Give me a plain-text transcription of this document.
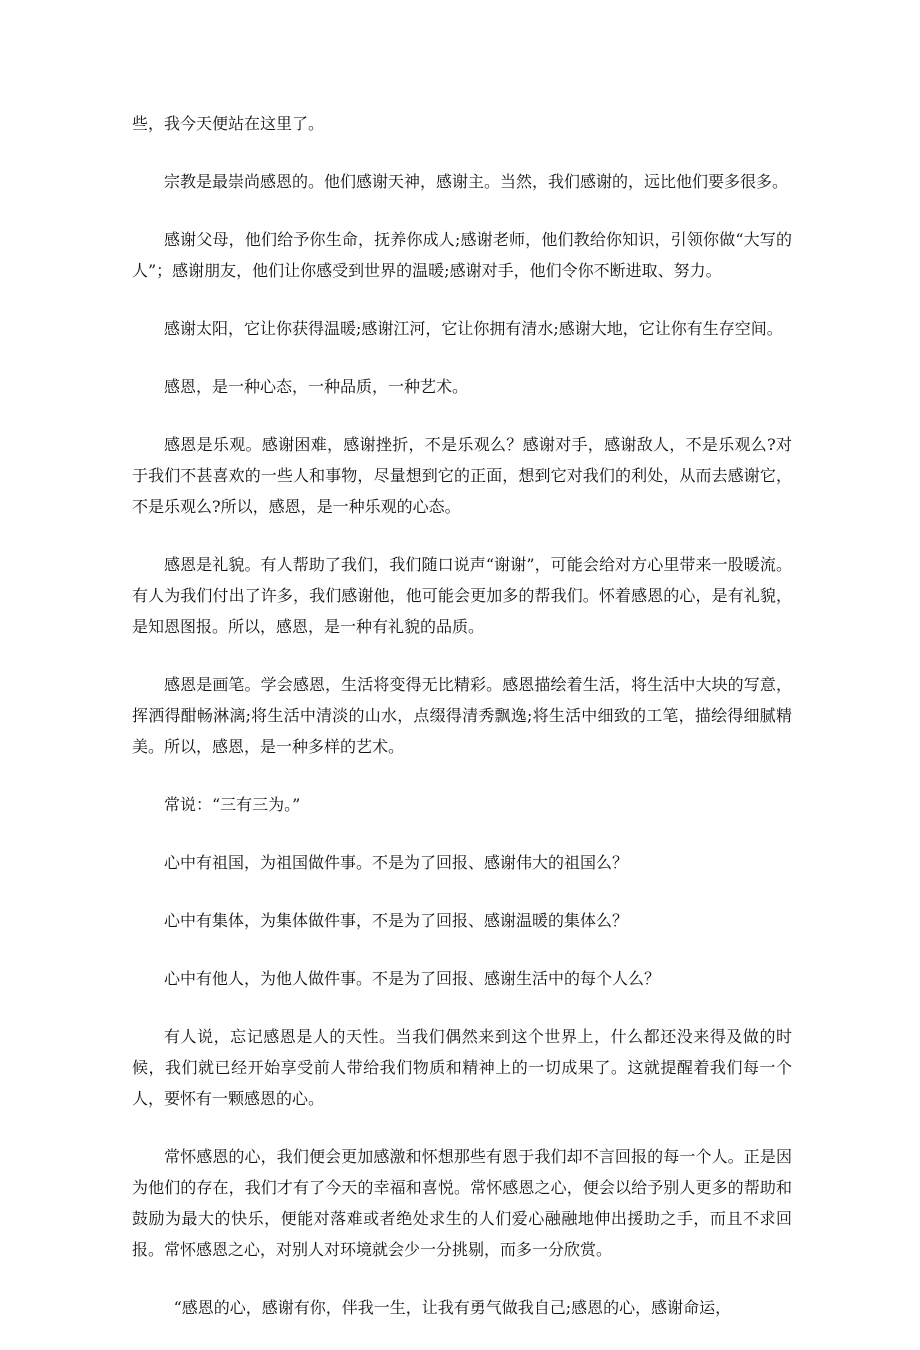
些，我今天便站在这里了。

宗教是最崇尚感恩的。他们感谢天神，感谢主。当然，我们感谢的，远比他们要多很多。

感谢父母，他们给予你生命，抚养你成人;感谢老师，他们教给你知识，引领你做“大写的人”；感谢朋友，他们让你感受到世界的温暖;感谢对手，他们令你不断进取、努力。

感谢太阳，它让你获得温暖;感谢江河，它让你拥有清水;感谢大地，它让你有生存空间。

感恩，是一种心态，一种品质，一种艺术。

感恩是乐观。感谢困难，感谢挫折，不是乐观么？感谢对手，感谢敌人，不是乐观么?对于我们不甚喜欢的一些人和事物，尽量想到它的正面，想到它对我们的利处，从而去感谢它，不是乐观么?所以，感恩，是一种乐观的心态。

感恩是礼貌。有人帮助了我们，我们随口说声“谢谢”，可能会给对方心里带来一股暖流。有人为我们付出了许多，我们感谢他，他可能会更加多的帮我们。怀着感恩的心，是有礼貌，是知恩图报。所以，感恩，是一种有礼貌的品质。

感恩是画笔。学会感恩，生活将变得无比精彩。感恩描绘着生活，将生活中大块的写意，挥洒得酣畅淋漓;将生活中清淡的山水，点缀得清秀飘逸;将生活中细致的工笔，描绘得细腻精美。所以，感恩，是一种多样的艺术。

常说：“三有三为。”

心中有祖国，为祖国做件事。不是为了回报、感谢伟大的祖国么？

心中有集体，为集体做件事，不是为了回报、感谢温暖的集体么？

心中有他人，为他人做件事。不是为了回报、感谢生活中的每个人么？

有人说，忘记感恩是人的天性。当我们偶然来到这个世界上，什么都还没来得及做的时候，我们就已经开始享受前人带给我们物质和精神上的一切成果了。这就提醒着我们每一个人，要怀有一颗感恩的心。

常怀感恩的心，我们便会更加感激和怀想那些有恩于我们却不言回报的每一个人。正是因为他们的存在，我们才有了今天的幸福和喜悦。常怀感恩之心，便会以给予别人更多的帮助和鼓励为最大的快乐，便能对落难或者绝处求生的人们爱心融融地伸出援助之手，而且不求回报。常怀感恩之心，对别人对环境就会少一分挑剔，而多一分欣赏。

“感恩的心，感谢有你，伴我一生，让我有勇气做我自己;感恩的心，感谢命运，
